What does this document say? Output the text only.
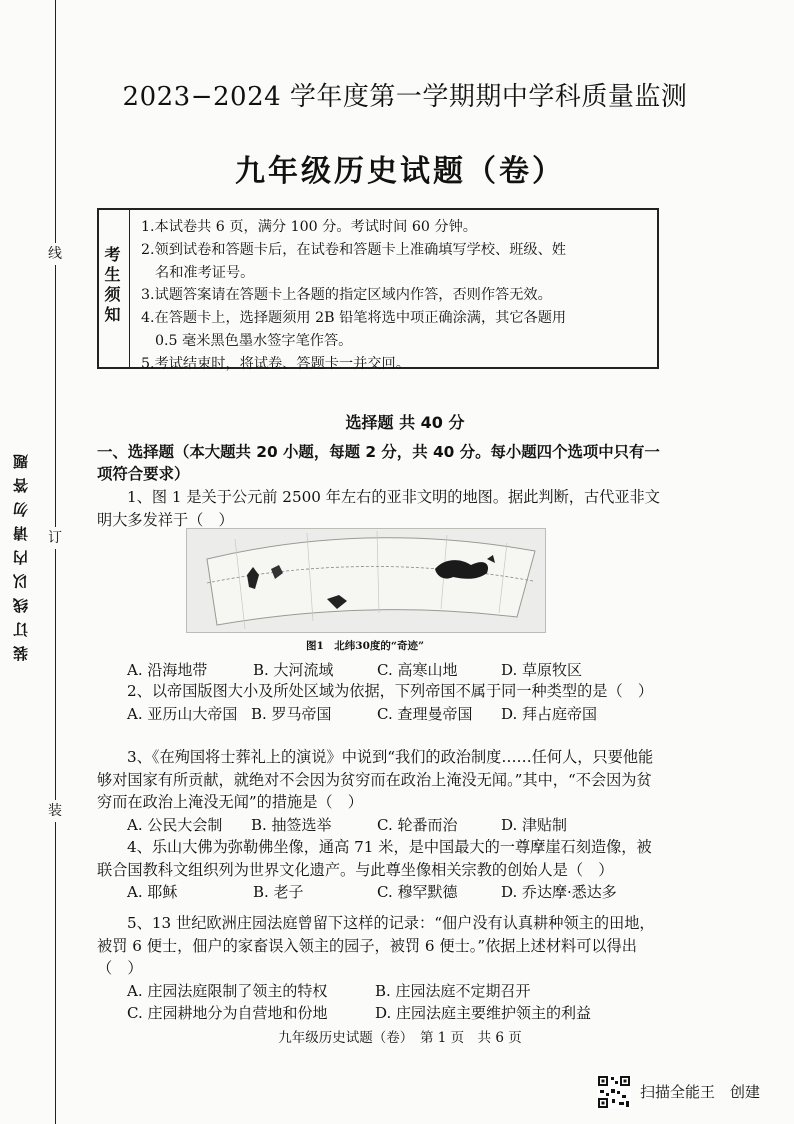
线
订
装
装订线以内请勿答题
2023−2024 学年度第一学期期中学科质量监测
九年级历史试题（卷）
考生须知
1.本试卷共 6 页，满分 100 分。考试时间 60 分钟。
2.领到试卷和答题卡后，在试卷和答题卡上准确填写学校、班级、姓
名和准考证号。
3.试题答案请在答题卡上各题的指定区域内作答，否则作答无效。
4.在答题卡上，选择题须用 2B 铅笔将选中项正确涂满，其它各题用
0.5 毫米黑色墨水签字笔作答。
5.考试结束时，将试卷、答题卡一并交回。
选择题 共 40 分
一、选择题（本大题共 20 小题，每题 2 分，共 40 分。每小题四个选项中只有一项符合要求）
1、图 1 是关于公元前 2500 年左右的亚非文明的地图。据此判断，古代亚非文明大多发祥于（　）
图1　北纬30度的“奇迹”
A. 沿海地带	B. 大河流域	C. 高寒山地	D. 草原牧区
2、以帝国版图大小及所处区域为依据，下列帝国不属于同一种类型的是（　）
A. 亚历山大帝国 B. 罗马帝国	C. 查理曼帝国	D. 拜占庭帝国
3、《在殉国将士葬礼上的演说》中说到“我们的政治制度……任何人，只要他能够对国家有所贡献，就绝对不会因为贫穷而在政治上淹没无闻。”其中，“不会因为贫穷而在政治上淹没无闻”的措施是（　）
A. 公民大会制	B. 抽签选举	C. 轮番而治	D. 津贴制
4、乐山大佛为弥勒佛坐像，通高 71 米，是中国最大的一尊摩崖石刻造像，被联合国教科文组织列为世界文化遗产。与此尊坐像相关宗教的创始人是（　）
A. 耶稣	B. 老子	C. 穆罕默德	D. 乔达摩·悉达多
5、13 世纪欧洲庄园法庭曾留下这样的记录：“佃户没有认真耕种领主的田地，被罚 6 便士，佃户的家畜误入领主的园子，被罚 6 便士。”依据上述材料可以得出（　）
A. 庄园法庭限制了领主的特权	B. 庄园法庭不定期召开
C. 庄园耕地分为自营地和份地	D. 庄园法庭主要维护领主的利益
九年级历史试题（卷）　第 1 页　共 6 页
扫描全能王　创建
